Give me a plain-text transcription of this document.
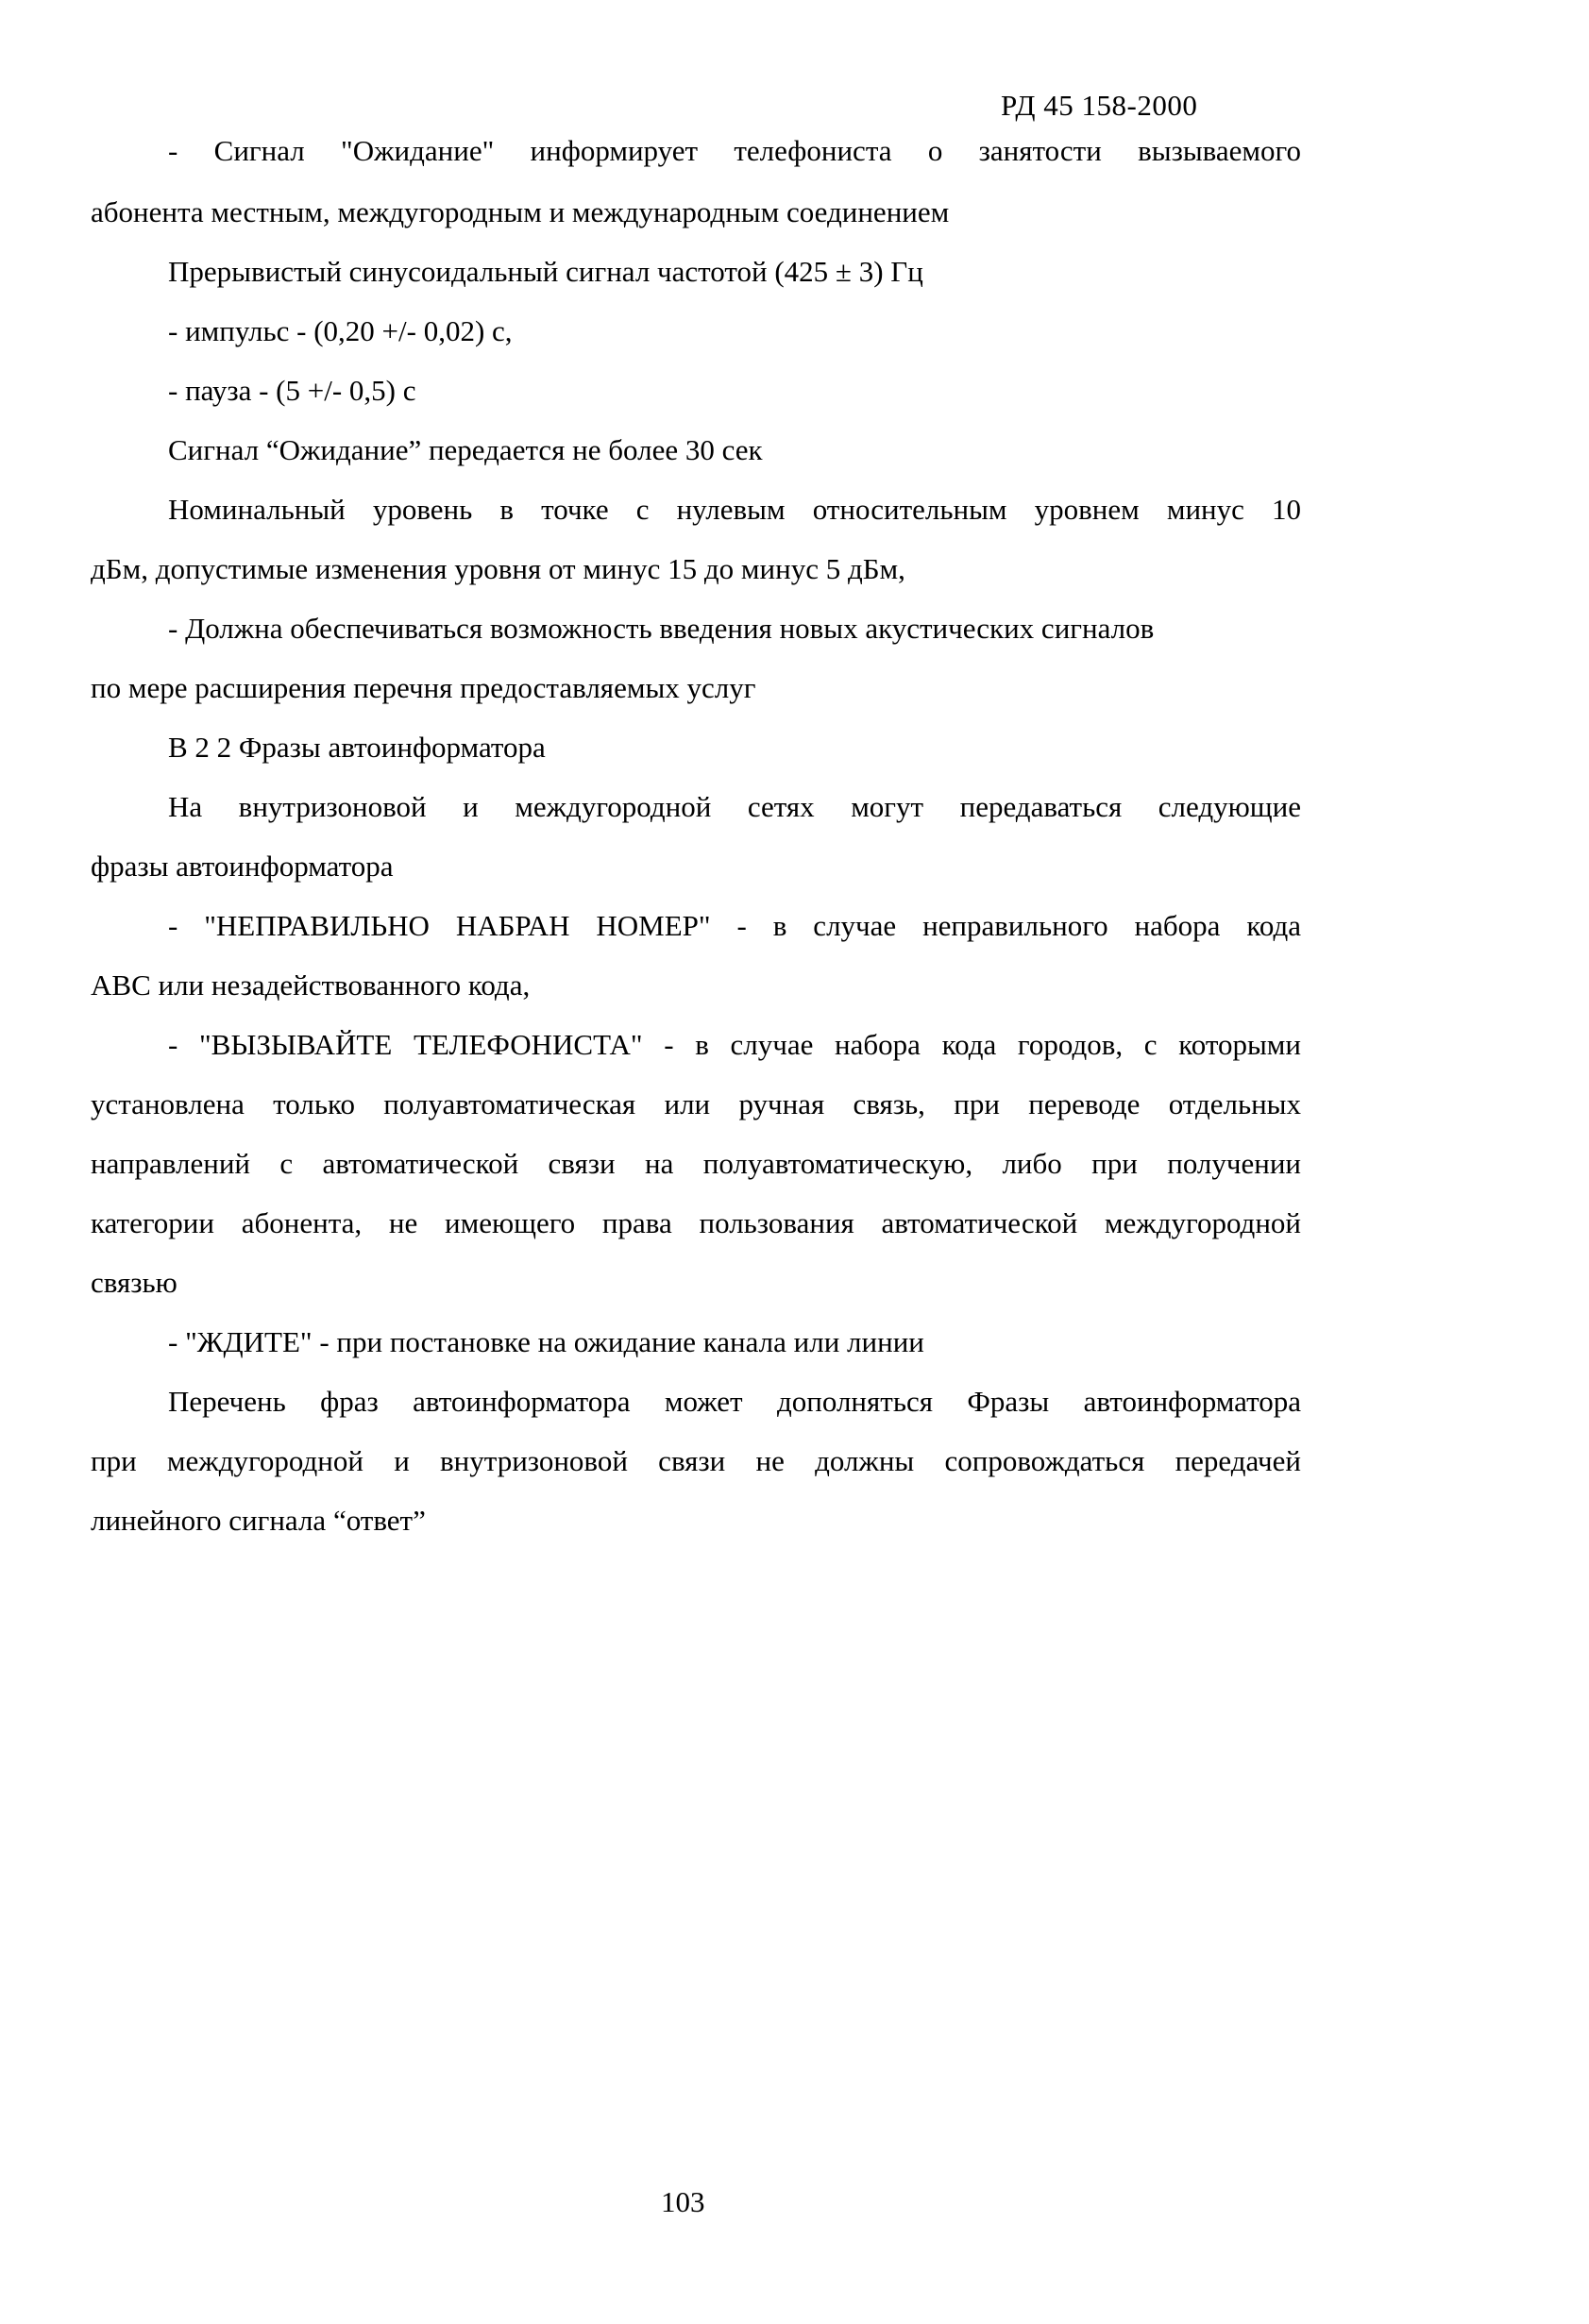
РД 45 158-2000
- Сигнал "Ожидание" информирует телефониста о занятости вызываемого
абонента местным, междугородным и международным соединением
Прерывистый синусоидальный сигнал частотой (425 ± 3) Гц
- импульс - (0,20 +/- 0,02) с,
- пауза - (5 +/- 0,5) с
Сигнал “Ожидание” передается не более 30 сек
Номинальный уровень в точке с нулевым относительным уровнем минус 10
дБм, допустимые изменения уровня от минус 15 до минус 5 дБм,
- Должна обеспечиваться возможность введения новых акустических сигналов
по мере расширения перечня предоставляемых услуг
В 2 2 Фразы автоинформатора
На внутризоновой и междугородной сетях могут передаваться следующие
фразы автоинформатора
- "НЕПРАВИЛЬНО НАБРАН НОМЕР" - в случае неправильного набора кода
АВС или незадействованного кода,
- "ВЫЗЫВАЙТЕ ТЕЛЕФОНИСТА" - в случае набора кода городов, с которыми
установлена только полуавтоматическая или ручная связь, при переводе отдельных
направлений с автоматической связи на полуавтоматическую, либо при получении
категории абонента, не имеющего права пользования автоматической междугородной
связью
- "ЖДИТЕ" - при постановке на ожидание канала или линии
Перечень фраз автоинформатора может дополняться Фразы автоинформатора
при междугородной и внутризоновой связи не должны сопровождаться передачей
линейного сигнала “ответ”
103
